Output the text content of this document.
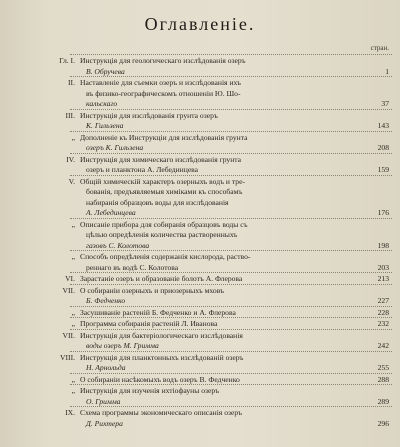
Оглавленіе.
стран.
Гл. I. Инструкція для геологическаго изслѣдованія озеръ
В. Обручева	1
II. Наставленіе для съемки озеръ и изслѣдованія ихъ
въ физико-географическомъ отношеніи Ю. Шо-
кальскаго	37
III. Инструкція для изслѣдованія грунта озеръ
К. Гильзена	143
„ Дополненіе къ Инструкціи для изслѣдованія грунта
озеръ К. Гильзена	208
IV. Инструкція для химическаго изслѣдованія грунта
озеръ и планктона А. Лебединцева	159
V. Общій химическій характеръ озерныхъ водъ и тре-
бованія, предъявляемыя химіками къ способамъ
набиранія образцовъ воды для изслѣдованія
А. Лебединцева	176
„ Описаніе прибора для собиранія образцовъ воды съ
цѣлью опредѣленія количества растворенныхъ
газовъ С. Колотова	198
„ Способъ опредѣленія содержанія кислорода, раство-
реннаго въ водѣ С. Колотова	203
VI. Зарастаніе озеръ и образованіе болотъ А. Флерова	213
VII. О собираніи озерныхъ и приозерныхъ мховъ
Б. Федченко	227
„ Засушиваніе растеній Б. Федченко и А. Флерова	228
„ Программа собиранія растеній Л. Иванова	232
VII. Инструкція для бактеріологическаго изслѣдованія
воды озеръ М. Гримма	242
VIII. Инструкція для планктонныхъ изслѣдованій озеръ
Н. Арнольда	255
„ О собираніи насѣкомыхъ водъ озеръ В. Федченко	288
„ Инструкція для изученія ихтіофауны озеръ
О. Гримма	289
IX. Схема программы экономическаго описанія озеръ
Д. Рихтера	296
